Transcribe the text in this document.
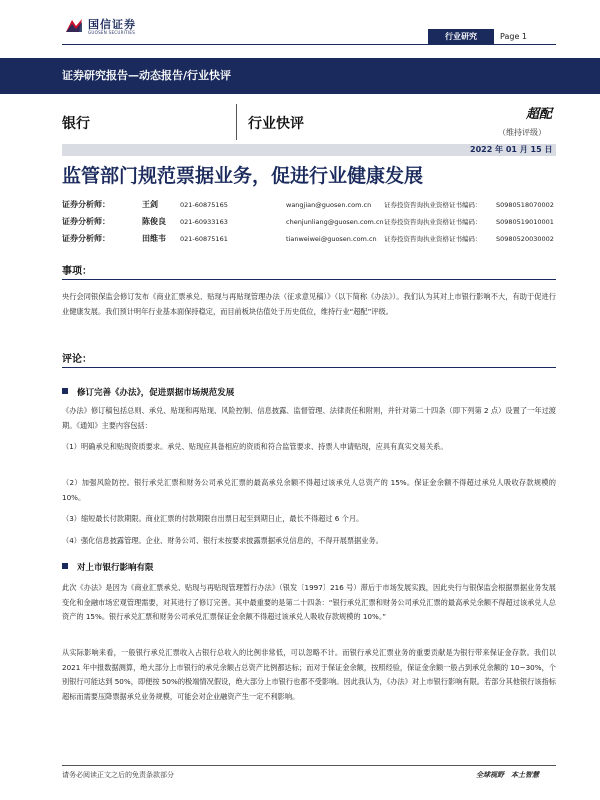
国信证券
GUOSEN SECURITIES	行业研究	Page 1
证券研究报告—动态报告/行业快评
银行	行业快评
超配
（维持评级）
2022 年 01 月 15 日
监管部门规范票据业务，促进行业健康发展
证券分析师：	王剑	021-60875165	wangjian@guosen.com.cn 证券投资咨询执业资格证书编码： S0980518070002
证券分析师：	陈俊良 021-60933163	chenjunliang@guosen.com.cn 证券投资咨询执业资格证书编码： S0980519010001
证券分析师：	田维韦 021-60875161	tianweiwei@guosen.com.cn 证券投资咨询执业资格证书编码： S0980520030002
事项：

央行会同银保监会修订发布《商业汇票承兑、贴现与再贴现管理办法（征求意见稿）》（以下简称《办法》）。我们认为其对上市银行影响不大，有助于促进行业健康发展。我们预计明年行业基本面保持稳定，而目前板块估值处于历史低位，维持行业“超配”评级。

评论：
修订完善《办法》，促进票据市场规范发展

《办法》修订稿包括总则、承兑、贴现和再贴现、风险控制、信息披露、监督管理、法律责任和附则，并针对第二十四条（即下列第 2 点）设置了一年过渡期。《通知》主要内容包括：

（1）明确承兑和贴现资质要求。承兑、贴现应具备相应的资质和符合监管要求、持票人申请贴现，应具有真实交易关系。

（2）加强风险防控。银行承兑汇票和财务公司承兑汇票的最高承兑余额不得超过该承兑人总资产的 15%。保证金余额不得超过承兑人吸收存款规模的 10%。

（3）缩短最长付款期限。商业汇票的付款期限自出票日起至到期日止，最长不得超过 6 个月。

（4）强化信息披露管理。企业、财务公司、银行未按要求披露票据承兑信息的，不得开展票据业务。

对上市银行影响有限

此次《办法》是因为《商业汇票承兑、贴现与再贴现管理暂行办法》（银发〔1997〕216 号）滞后于市场发展实践，因此央行与银保监会根据票据业务发展变化和金融市场宏观管理需要，对其进行了修订完善。其中最重要的是第二十四条：“银行承兑汇票和财务公司承兑汇票的最高承兑余额不得超过该承兑人总资产的 15%。银行承兑汇票和财务公司承兑汇票保证金余额不得超过该承兑人吸收存款规模的 10%。”

从实际影响来看，一般银行承兑汇票收入占银行总收入的比例非常低，可以忽略不计。而银行承兑汇票业务的重要贡献是为银行带来保证金存款。我们以 2021 年中报数据测算，绝大部分上市银行的承兑余额占总资产比例都达标；而对于保证金余额，按照经验，保证金余额一般占到承兑余额的 10~30%，个别银行可能达到 50%，即便按 50%的极端情况假设，绝大部分上市银行也都不受影响。因此我认为，《办法》对上市银行影响有限。若部分其他银行该指标超标而需要压降票据承兑业务规模，可能会对企业融资产生一定不利影响。

请务必阅读正文之后的免责条款部分	全球视野　本土智慧
